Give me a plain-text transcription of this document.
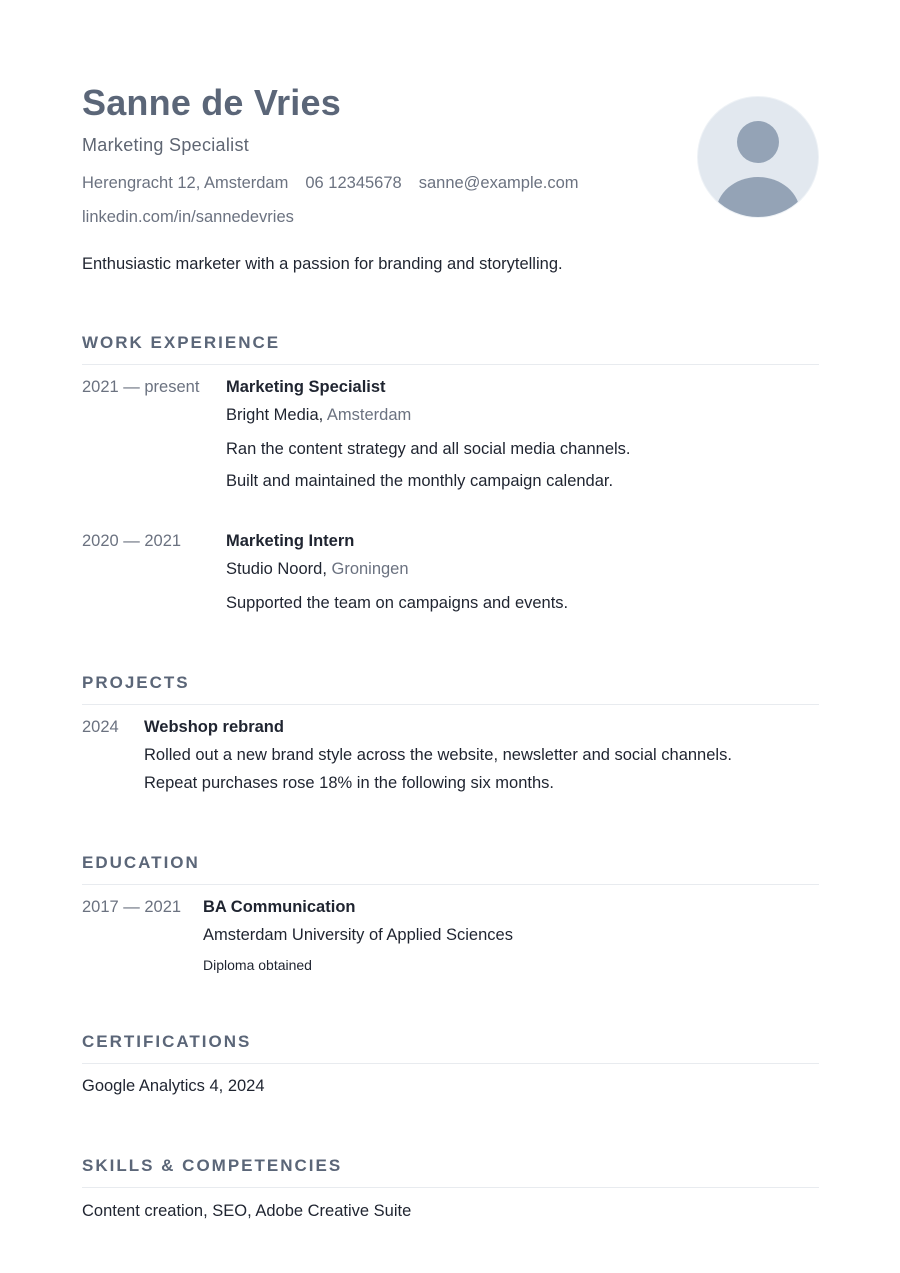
Sanne de Vries
Marketing Specialist
Herengracht 12, Amsterdam 06 12345678 sanne@example.com
linkedin.com/in/sannedevries
Enthusiastic marketer with a passion for branding and storytelling.
WORK EXPERIENCE
2021 — present Marketing Specialist
Bright Media, Amsterdam
Ran the content strategy and all social media channels.
Built and maintained the monthly campaign calendar.
2020 — 2021	Marketing Intern
Studio Noord, Groningen
Supported the team on campaigns and events.
PROJECTS
2024 Webshop rebrand
Rolled out a new brand style across the website, newsletter and social channels.
Repeat purchases rose 18% in the following six months.
EDUCATION
2017 — 2021 BA Communication
Amsterdam University of Applied Sciences
Diploma obtained
CERTIFICATIONS
Google Analytics 4, 2024
SKILLS & COMPETENCIES
Content creation, SEO, Adobe Creative Suite
